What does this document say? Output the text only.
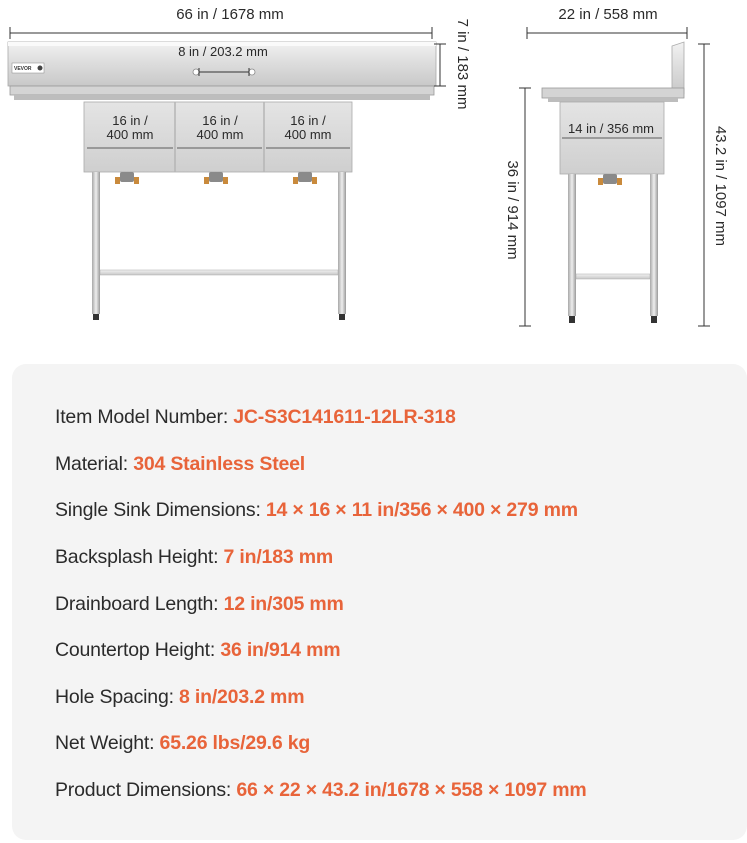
66 in / 1678 mm
VEVOR
8 in / 203.2 mm
16 in /
400 mm
16 in /
400 mm
16 in /
400 mm
7 in / 183 mm
22 in / 558 mm
14 in / 356 mm
36 in / 914 mm	43.2 in / 1097 mm
Item Model Number: JC-S3C141611-12LR-318
Material: 304 Stainless Steel
Single Sink Dimensions: 14 × 16 × 11 in/356 × 400 × 279 mm
Backsplash Height: 7 in/183 mm
Drainboard Length: 12 in/305 mm
Countertop Height: 36 in/914 mm
Hole Spacing: 8 in/203.2 mm
Net Weight: 65.26 lbs/29.6 kg
Product Dimensions: 66 × 22 × 43.2 in/1678 × 558 × 1097 mm
